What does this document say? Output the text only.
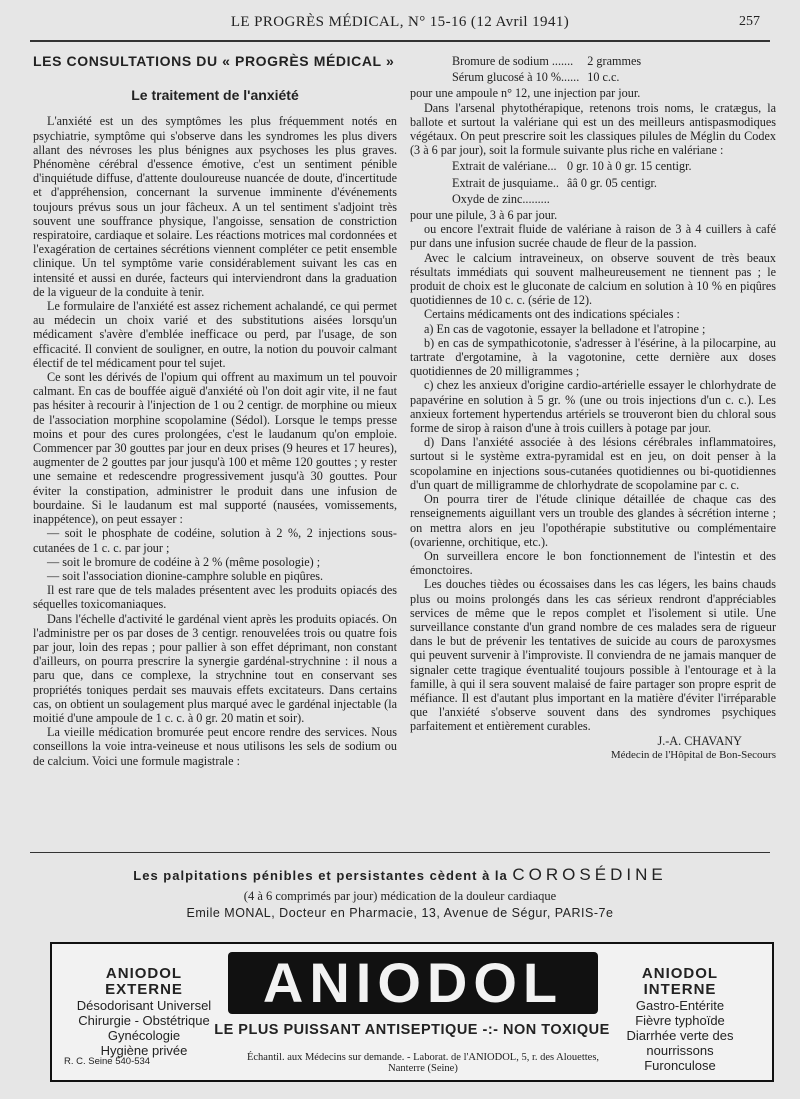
LE PROGRÈS MÉDICAL, N° 15-16 (12 Avril 1941)	257
LES CONSULTATIONS DU « PROGRÈS MÉDICAL »
Le traitement de l'anxiété

L'anxiété est un des symptômes les plus fréquemment notés en psychiatrie, symptôme qui s'observe dans les syndromes les plus divers allant des névroses les plus bénignes aux psychoses les plus graves. Phénomène cérébral d'essence émotive, c'est un sentiment pénible d'inquiétude diffuse, d'attente douloureuse nuancée de doute, d'incertitude et d'appréhension, concernant la survenue imminente d'événements toujours prévus sous un jour fâcheux. A un tel sentiment s'adjoint très souvent une souffrance physique, l'angoisse, sensation de constriction respiratoire, cardiaque et solaire. Les réactions motrices mal cordonnées et l'exagération de certaines sécrétions viennent compléter ce petit ensemble clinique. Un tel symptôme varie considérablement suivant les cas en intensité et aussi en durée, facteurs qui interviendront dans la graduation de la vigueur de la conduite à tenir.

Le formulaire de l'anxiété est assez richement achalandé, ce qui permet au médecin un choix varié et des substitutions aisées lorsqu'un médicament s'avère d'emblée inefficace ou perd, par l'usage, de son efficacité. Il convient de souligner, en outre, la notion du pouvoir calmant électif de tel médicament pour tel sujet.

Ce sont les dérivés de l'opium qui offrent au maximum un tel pouvoir calmant. En cas de bouffée aiguë d'anxiété où l'on doit agir vite, il ne faut pas hésiter à recourir à l'injection de 1 ou 2 centigr. de morphine ou mieux de l'association morphine scopolamine (Sédol). Lorsque le temps presse moins et pour des cures prolongées, c'est le laudanum qu'on emploie. Commencer par 30 gouttes par jour en deux prises (9 heures et 17 heures), augmenter de 2 gouttes par jour jusqu'à 100 et même 120 gouttes ; y rester une semaine et redescendre progressivement jusqu'à 30 gouttes. Pour éviter la constipation, administrer le produit dans une infusion de bourdaine. Si le laudanum est mal supporté (nausées, vomissements, inappétence), on peut essayer :

— soit le phosphate de codéine, solution à 2 %, 2 injections sous-cutanées de 1 c. c. par jour ;

— soit le bromure de codéine à 2 % (même posologie) ;

— soit l'association dionine-camphre soluble en piqûres.

Il est rare que de tels malades présentent avec les produits opiacés des séquelles toxicomaniaques.

Dans l'échelle d'activité le gardénal vient après les produits opiacés. On l'administre per os par doses de 3 centigr. renouvelées trois ou quatre fois par jour, loin des repas ; pour pallier à son effet déprimant, non constant d'ailleurs, on pourra prescrire la synergie gardénal-strychnine : il nous a paru que, dans ce complexe, la strychnine tout en conservant ses propriétés toniques perdait ses mauvais effets excitateurs. Dans certains cas, on obtient un soulagement plus marqué avec le gardénal injectable (la moitié d'une ampoule de 1 c. c. à 0 gr. 20 matin et soir).

La vieille médication bromurée peut encore rendre des services. Nous conseillons la voie intra-veineuse et nous utilisons les sels de sodium ou de calcium. Voici une formule magistrale :

Bromure de sodium .......	2 grammes
Sérum glucosé à 10 %......	10 c.c.

pour une ampoule n° 12, une injection par jour.

Dans l'arsenal phytothérapique, retenons trois noms, le cratægus, la ballote et surtout la valériane qui est un des meilleurs antispasmodiques végétaux. On peut prescrire soit les classiques pilules de Méglin du Codex (3 à 6 par jour), soit la formule suivante plus riche en valériane :

Extrait de valériane...	0 gr. 10 à 0 gr. 15 centigr.
Extrait de jusquiame..	ââ 0 gr. 05 centigr.
Oxyde de zinc.........	

pour une pilule, 3 à 6 par jour.

ou encore l'extrait fluide de valériane à raison de 3 à 4 cuillers à café pur dans une infusion sucrée chaude de fleur de la passion.

Avec le calcium intraveineux, on observe souvent de très beaux résultats immédiats qui souvent malheureusement ne tiennent pas ; le produit de choix est le gluconate de calcium en solution à 10 % en piqûres quotidiennes de 10 c. c. (série de 12).

Certains médicaments ont des indications spéciales :

a) En cas de vagotonie, essayer la belladone et l'atropine ;

b) en cas de sympathicotonie, s'adresser à l'ésérine, à la pilocarpine, au tartrate d'ergotamine, à la vagotonine, cette dernière aux doses quotidiennes de 20 milligrammes ;

c) chez les anxieux d'origine cardio-artérielle essayer le chlorhydrate de papavérine en solution à 5 gr. % (une ou trois injections d'un c. c.). Les anxieux fortement hypertendus artériels se trouveront bien du chloral sous forme de sirop à raison d'une à trois cuillers à potage par jour.

d) Dans l'anxiété associée à des lésions cérébrales inflammatoires, surtout si le système extra-pyramidal est en jeu, on doit penser à la scopolamine en injections sous-cutanées quotidiennes ou bi-quotidiennes d'un quart de milligramme de chlorhydrate de scopolamine par c. c.

On pourra tirer de l'étude clinique détaillée de chaque cas des renseignements aiguillant vers un trouble des glandes à sécrétion interne ; on mettra alors en jeu l'opothérapie substitutive ou complémentaire (ovarienne, orchitique, etc.).

On surveillera encore le bon fonctionnement de l'intestin et des émonctoires.

Les douches tièdes ou écossaises dans les cas légers, les bains chauds plus ou moins prolongés dans les cas sérieux rendront d'appréciables services de même que le repos complet et l'isolement si utile. Une surveillance constante d'un grand nombre de ces malades sera de rigueur dans le but de prévenir les tentatives de suicide au cours de paroxysmes qui peuvent survenir à l'improviste. Il conviendra de ne jamais manquer de signaler cette tragique éventualité toujours possible à l'entourage et à la famille, à qui il sera souvent malaisé de faire partager son propre esprit de méfiance. Il est d'autant plus important en la matière d'éviter l'irréparable que l'anxiété s'observe souvent dans des syndromes psychiques parfaitement et entièrement curables.

J.-A. CHAVANY

Médecin de l'Hôpital de Bon-Secours

Les palpitations pénibles et persistantes cèdent à la COROSÉDINE
(4 à 6 comprimés par jour) médication de la douleur cardiaque
Emile MONAL, Docteur en Pharmacie, 13, Avenue de Ségur, PARIS-7e
ANIODOL
EXTERNE
Désodorisant Universel
Chirurgie - Obstétrique
Gynécologie
Hygiène privée
ANIODOL	ANIODOL
INTERNE
Gastro-Entérite
Fièvre typhoïde
Diarrhée verte des nourrissons
Furonculose
LE PLUS PUISSANT ANTISEPTIQUE -:- NON TOXIQUE
Échantil. aux Médecins sur demande. - Laborat. de l'ANIODOL, 5, r. des Alouettes, Nanterre (Seine)
R. C. Seine 540-534
